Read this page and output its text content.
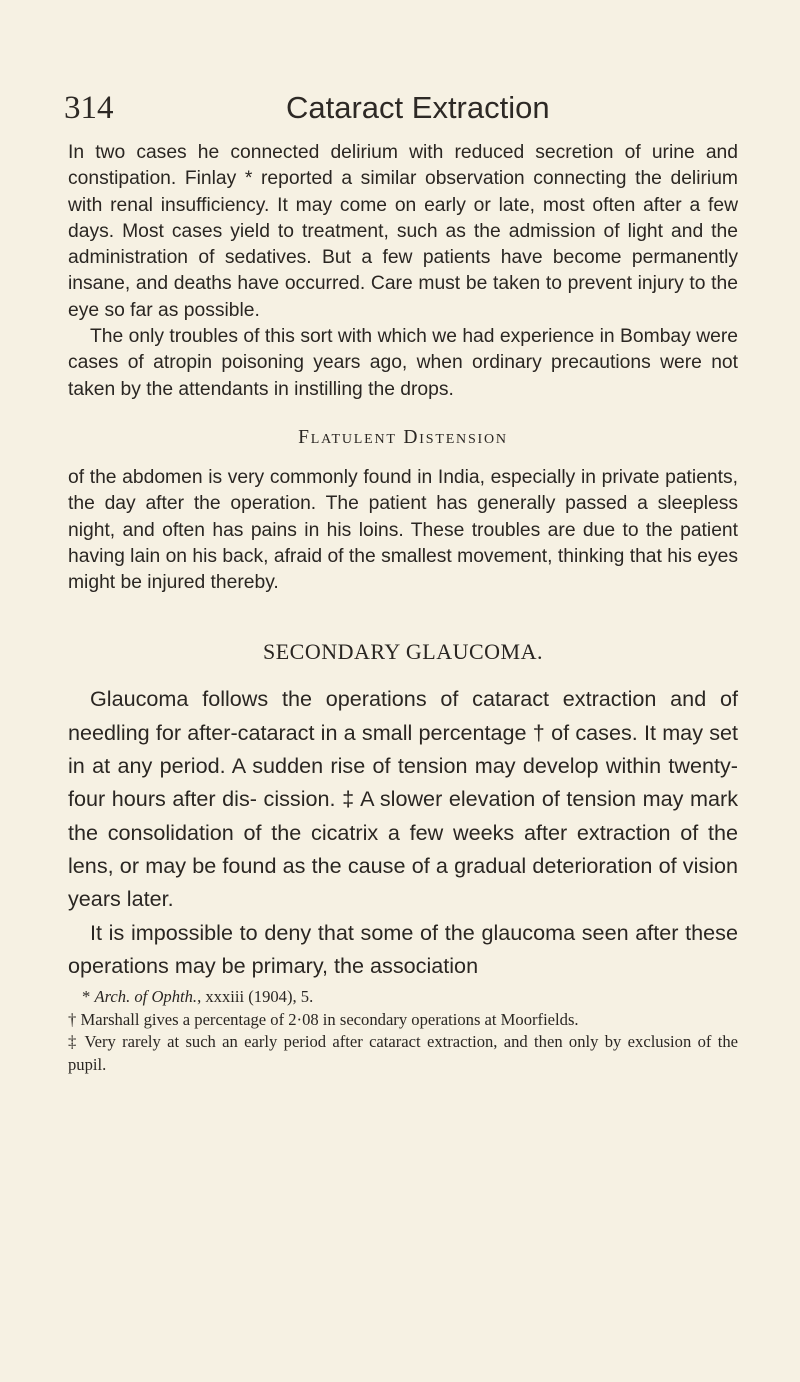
314	Cataract Extraction

In two cases he connected delirium with reduced secretion of urine and constipation. Finlay * reported a similar observation connecting the delirium with renal insufficiency. It may come on early or late, most often after a few days. Most cases yield to treatment, such as the admission of light and the administration of sedatives. But a few patients have become permanently insane, and deaths have occurred. Care must be taken to prevent injury to the eye so far as possible.

The only troubles of this sort with which we had experience in Bombay were cases of atropin poisoning years ago, when ordinary precautions were not taken by the attendants in instilling the drops.

Flatulent Distension

of the abdomen is very commonly found in India, especially in private patients, the day after the operation. The patient has generally passed a sleepless night, and often has pains in his loins. These troubles are due to the patient having lain on his back, afraid of the smallest movement, thinking that his eyes might be injured thereby.

SECONDARY GLAUCOMA.

Glaucoma follows the operations of cataract extraction and of needling for after-cataract in a small percentage † of cases. It may set in at any period. A sudden rise of tension may develop within twenty-four hours after dis- cission. ‡ A slower elevation of tension may mark the consolidation of the cicatrix a few weeks after extraction of the lens, or may be found as the cause of a gradual deterioration of vision years later.

It is impossible to deny that some of the glaucoma seen after these operations may be primary, the association

* Arch. of Ophth., xxxiii (1904), 5.

† Marshall gives a percentage of 2·08 in secondary operations at Moorfields.

‡ Very rarely at such an early period after cataract extraction, and then only by exclusion of the pupil.
